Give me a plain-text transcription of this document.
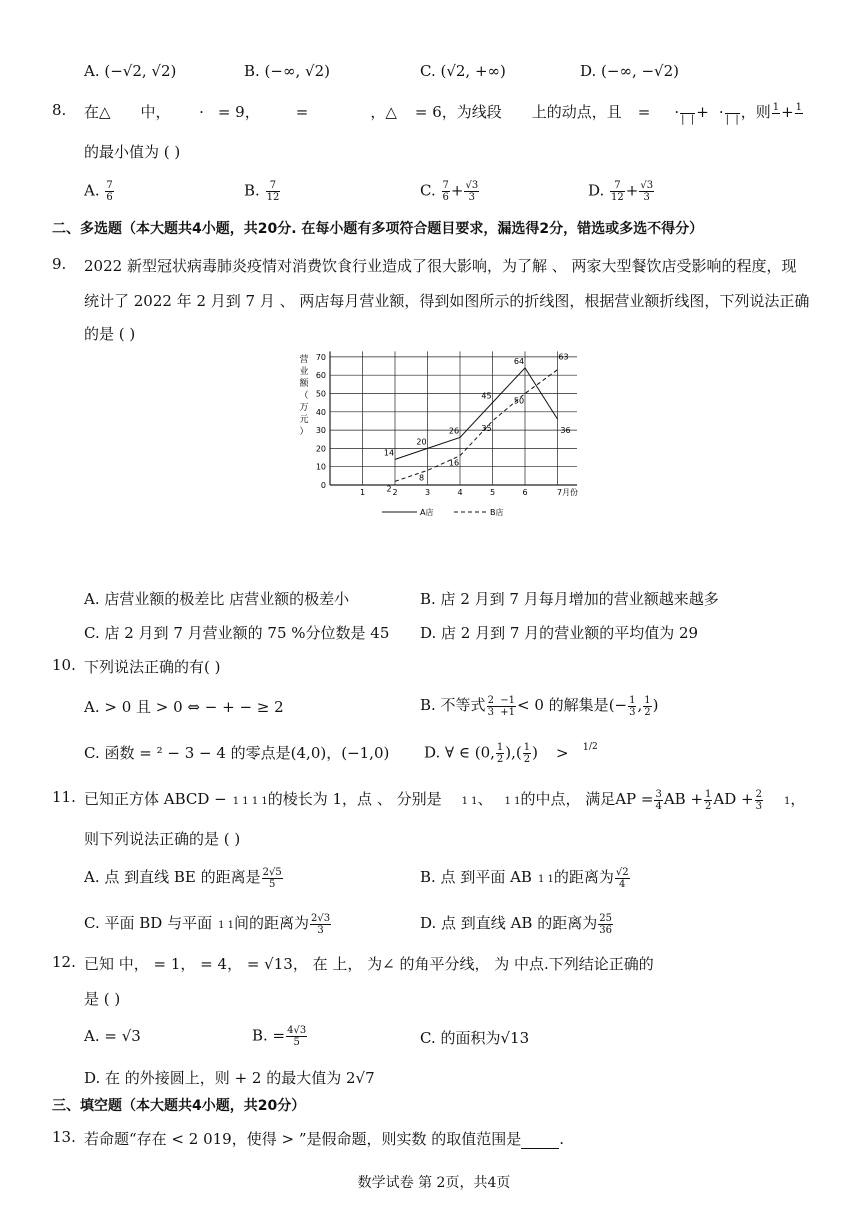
A. (−√2, √2)	B. (−∞, √2)	C. (√2, +∞)	D. (−∞, −√2)
8. 在△ 中， · = 9， =	，△ = 6，为线段 上的动点，且 = ·
|  | + ·
|  | ，则 1
+ 1

的最小值为 ( )
A. $\frac{7}{6}$	B. $\frac{7}{12}$	C. $\frac{7}{6} + \frac{√3}{3}$	D. $\frac{7}{12} + \frac{√3}{3}$
二、多选题（本大题共4小题，共20分. 在每小题有多项符合题目要求，漏选得2分，错选或多选不得分）
9. 2022 新型冠状病毒肺炎疫情对消费饮食行业造成了很大影响，为了解 、 两家大型餐饮店受影响的程度，现
统计了 2022 年 2 月到 7 月 、 两店每月营业额，得到如图所示的折线图，根据营业额折线图，下列说法正确
的是 ( )
0
10
20
30
40
50
60
70
1	2	3	4	5	6	7月份
营
业
额
（
万
元
）
14
20
26
45
64
36
2
8
16
35
50
63
A店	B店
A. 店营业额的极差比 店营业额的极差小	B. 店 2 月到 7 月每月增加的营业额越来越多
C. 店 2 月到 7 月营业额的 75 %分位数是 45 D. 店 2 月到 7 月的营业额的平均值为 29
10. 下列说法正确的有( )
A. > 0 且 > 0 ⇔ − + − ≥ 2	B. 不等式 $\frac{2 -1}{3 +1} < 0$ 的解集是(− $\frac{1}{3}$ , $\frac{1}{2}$ )
C. 函数 = ² − 3 − 4 的零点是(4,0)，(−1,0) D. ∀ ∈ (0, $\frac{1}{2}$ ),( $\frac{1}{2}$ ) > $^{1/2}$
11. 已知正方体 ABCD − 1 1 1 1的棱长为 1，点 、 分别是 1 1、 1 1的中点， 满足AP = $\frac{3}{4}$ AB + $\frac{1}{2}$ AD + $\frac{2}{3} 1$，
则下列说法正确的是 ( )
A. 点 到直线 BE 的距离是 $\frac{2√5}{5}$	B. 点 到平面 AB 1 1的距离为 $\frac{√2}{4}$
C. 平面 BD 与平面 1 1间的距离为 $\frac{2√3}{3}$	D. 点 到直线 AB 的距离为 $\frac{25}{36}$
12. 已知 中， = 1， = 4， = √13， 在 上， 为∠ 的角平分线， 为 中点.下列结论正确的
是 ( )
A. = √3	B. = $\frac{4√3}{5}$	C. 的面积为√13
D. 在 的外接圆上，则 + 2 的最大值为 2√7
三、填空题（本大题共4小题，共20分）
13. 若命题“存在 < 2 019，使得 > ”是假命题，则实数 的取值范围是	.
数学试卷 第 2页，共4页
